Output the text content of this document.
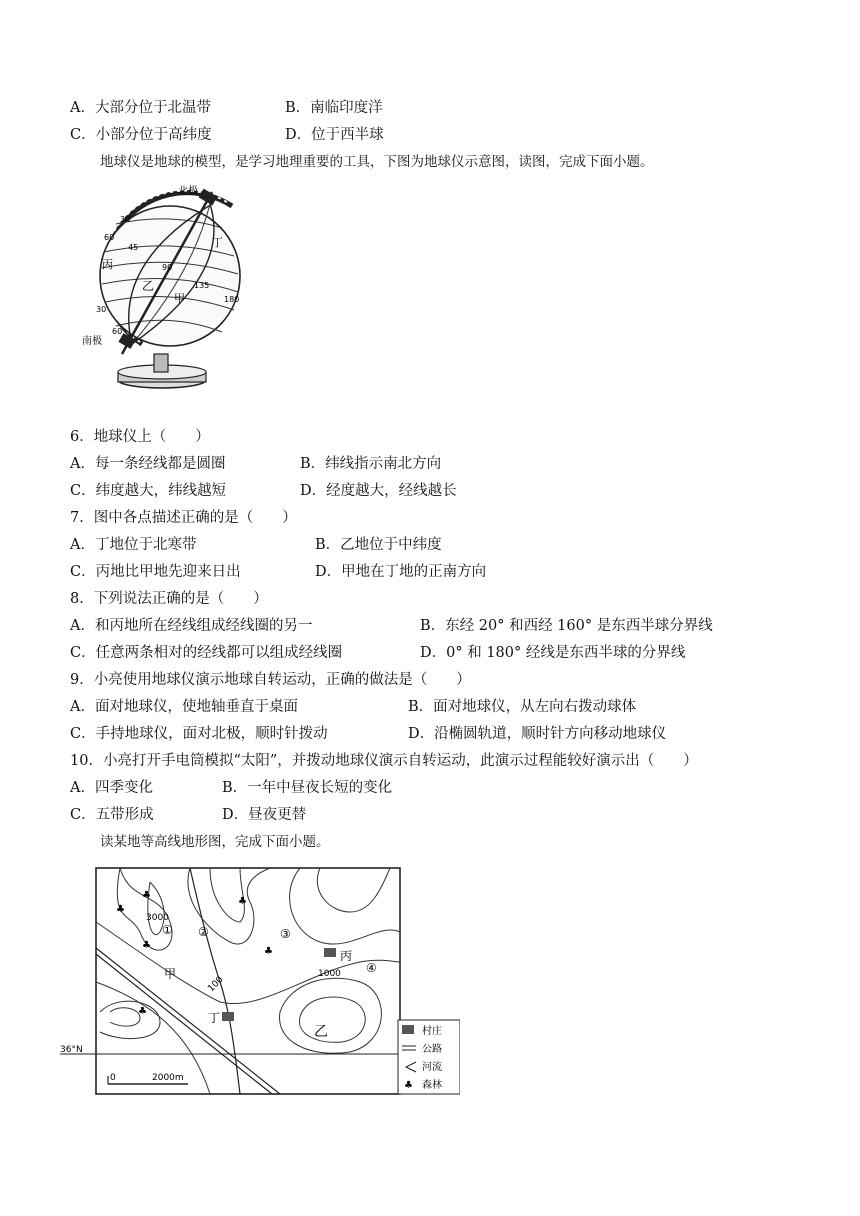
A．大部分位于北温带	B．南临印度洋
C．小部分位于高纬度	D．位于西半球
地球仪是地球的模型，是学习地理重要的工具，下图为地球仪示意图，读图，完成下面小题。
北极
南极
30
60
30
60
45
90
135
180
丙
乙
甲
丁
6．地球仪上（　　）
A．每一条经线都是圆圈	B．纬线指示南北方向
C．纬度越大，纬线越短	D．经度越大，经线越长
7．图中各点描述正确的是（　　）
A．丁地位于北寒带	B．乙地位于中纬度
C．丙地比甲地先迎来日出	D．甲地在丁地的正南方向
8．下列说法正确的是（　　）
A．和丙地所在经线组成经线圈的另一	B．东经 20° 和西经 160° 是东西半球分界线
C．任意两条相对的经线都可以组成经线圈	D．0° 和 180° 经线是东西半球的分界线
9．小亮使用地球仪演示地球自转运动，正确的做法是（　　）
A．面对地球仪，使地轴垂直于桌面	B．面对地球仪，从左向右拨动球体
C．手持地球仪，面对北极，顺时针拨动	D．沿椭圆轨道，顺时针方向移动地球仪
10．小亮打开手电筒模拟“太阳”，并拨动地球仪演示自转运动，此演示过程能较好演示出（　　）
A．四季变化	B．一年中昼夜长短的变化
C．五带形成	D．昼夜更替
读某地等高线地形图，完成下面小题。
3000
100
1000
甲
乙
丙
丁
① ②	③
④
36°N
♣
♣
♣
♣
♣
♣
0	2000m
村庄
公路
河流
♣ 森林
